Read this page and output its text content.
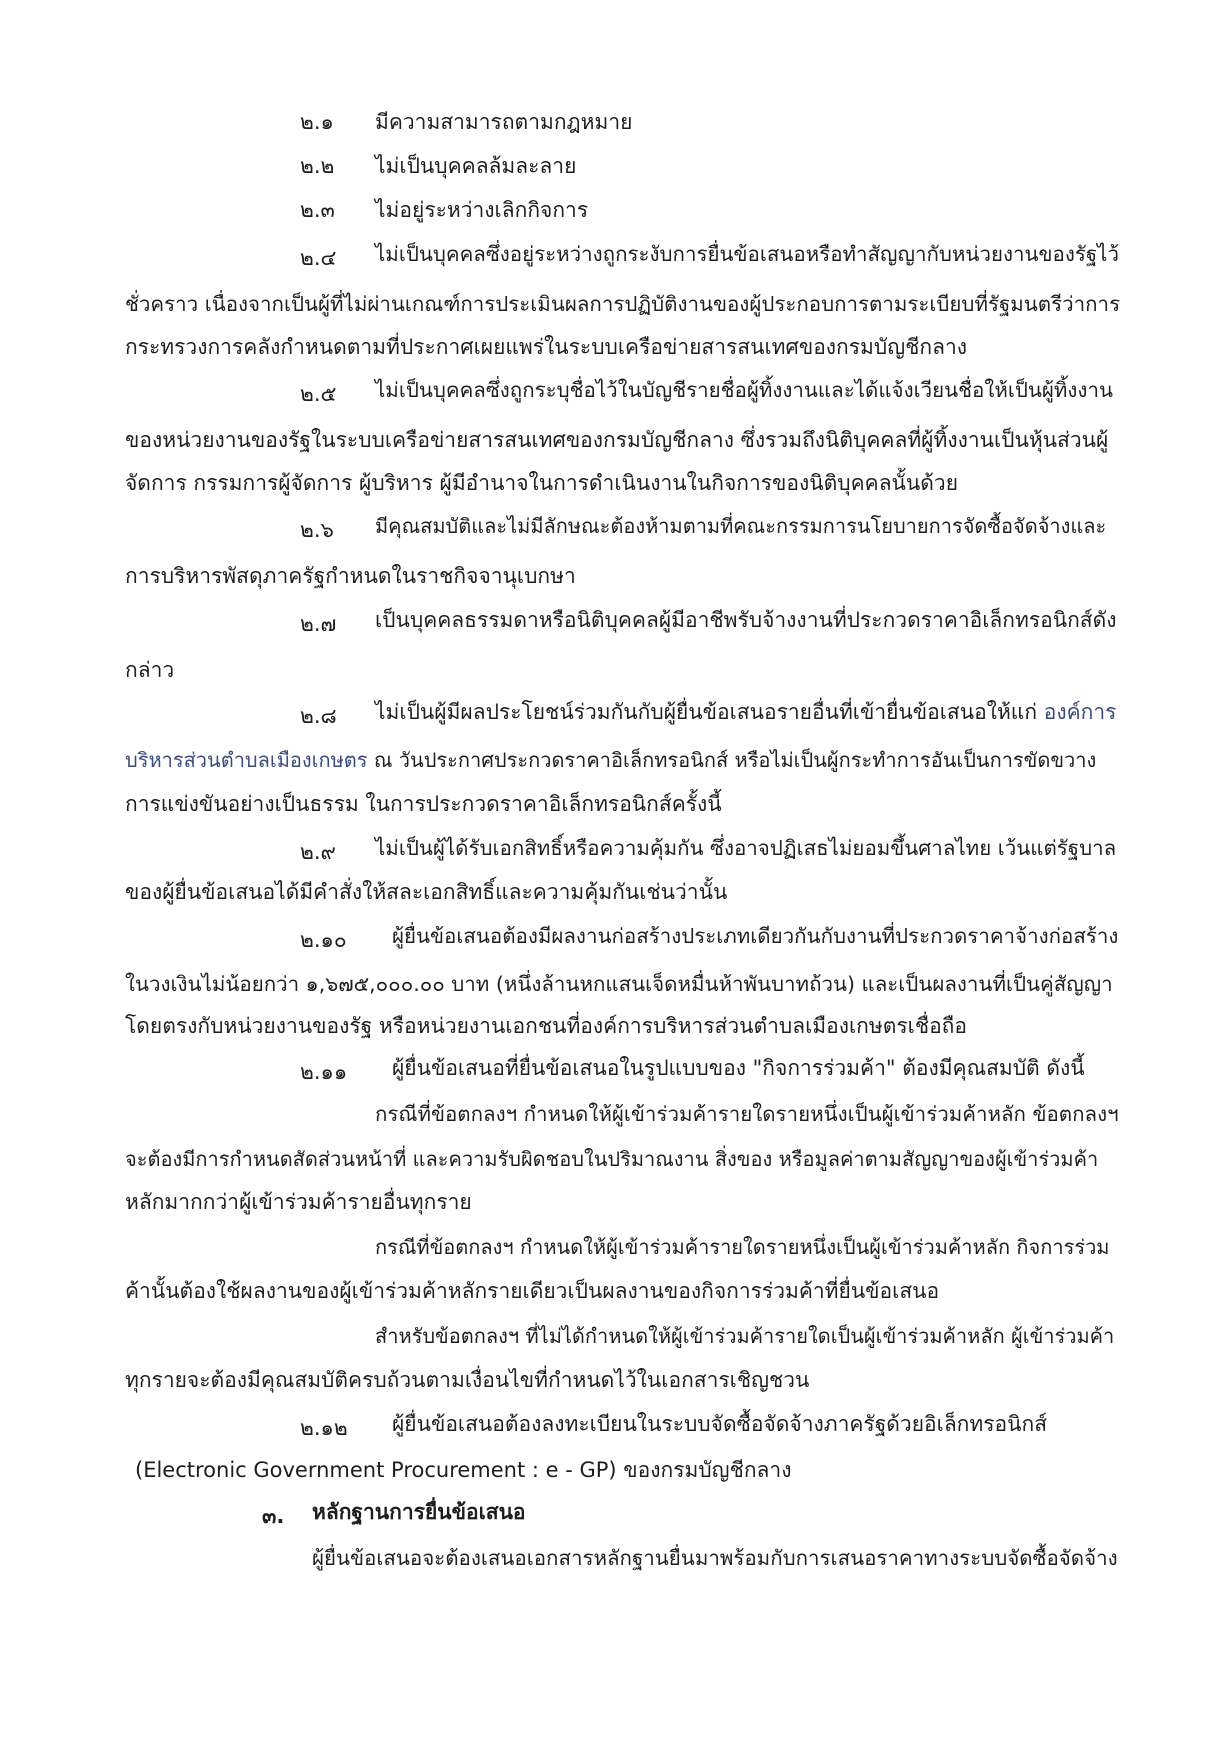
๒.๑ มีความสามารถตามกฎหมาย
๒.๒ ไม่เป็นบุคคลล้มละลาย
๒.๓ ไม่อยู่ระหว่างเลิกกิจการ
๒.๔ ไม่เป็นบุคคลซึ่งอยู่ระหว่างถูกระงับการยื่นข้อเสนอหรือทำสัญญากับหน่วยงานของรัฐไว้
ชั่วคราว เนื่องจากเป็นผู้ที่ไม่ผ่านเกณฑ์การประเมินผลการปฏิบัติงานของผู้ประกอบการตามระเบียบที่รัฐมนตรีว่าการ
กระทรวงการคลังกำหนดตามที่ประกาศเผยแพร่ในระบบเครือข่ายสารสนเทศของกรมบัญชีกลาง
๒.๕ ไม่เป็นบุคคลซึ่งถูกระบุชื่อไว้ในบัญชีรายชื่อผู้ทิ้งงานและได้แจ้งเวียนชื่อให้เป็นผู้ทิ้งงาน
ของหน่วยงานของรัฐในระบบเครือข่ายสารสนเทศของกรมบัญชีกลาง ซึ่งรวมถึงนิติบุคคลที่ผู้ทิ้งงานเป็นหุ้นส่วนผู้
จัดการ กรรมการผู้จัดการ ผู้บริหาร ผู้มีอำนาจในการดำเนินงานในกิจการของนิติบุคคลนั้นด้วย
๒.๖ มีคุณสมบัติและไม่มีลักษณะต้องห้ามตามที่คณะกรรมการนโยบายการจัดซื้อจัดจ้างและ
การบริหารพัสดุภาครัฐกำหนดในราชกิจจานุเบกษา
๒.๗ เป็นบุคคลธรรมดาหรือนิติบุคคลผู้มีอาชีพรับจ้างงานที่ประกวดราคาอิเล็กทรอนิกส์ดัง
กล่าว
๒.๘ ไม่เป็นผู้มีผลประโยชน์ร่วมกันกับผู้ยื่นข้อเสนอรายอื่นที่เข้ายื่นข้อเสนอให้แก่ องค์การ
บริหารส่วนตำบลเมืองเกษตร ณ วันประกาศประกวดราคาอิเล็กทรอนิกส์ หรือไม่เป็นผู้กระทำการอันเป็นการขัดขวาง
การแข่งขันอย่างเป็นธรรม ในการประกวดราคาอิเล็กทรอนิกส์ครั้งนี้
๒.๙ ไม่เป็นผู้ได้รับเอกสิทธิ์หรือความคุ้มกัน ซึ่งอาจปฏิเสธไม่ยอมขึ้นศาลไทย เว้นแต่รัฐบาล
ของผู้ยื่นข้อเสนอได้มีคำสั่งให้สละเอกสิทธิ์และความคุ้มกันเช่นว่านั้น
๒.๑๐ ผู้ยื่นข้อเสนอต้องมีผลงานก่อสร้างประเภทเดียวกันกับงานที่ประกวดราคาจ้างก่อสร้าง
ในวงเงินไม่น้อยกว่า ๑,๖๗๕,๐๐๐.๐๐ บาท (หนึ่งล้านหกแสนเจ็ดหมื่นห้าพันบาทถ้วน) และเป็นผลงานที่เป็นคู่สัญญา
โดยตรงกับหน่วยงานของรัฐ หรือหน่วยงานเอกชนที่องค์การบริหารส่วนตำบลเมืองเกษตรเชื่อถือ
๒.๑๑ ผู้ยื่นข้อเสนอที่ยื่นข้อเสนอในรูปแบบของ "กิจการร่วมค้า" ต้องมีคุณสมบัติ ดังนี้
กรณีที่ข้อตกลงฯ กำหนดให้ผู้เข้าร่วมค้ารายใดรายหนึ่งเป็นผู้เข้าร่วมค้าหลัก ข้อตกลงฯ
จะต้องมีการกำหนดสัดส่วนหน้าที่ และความรับผิดชอบในปริมาณงาน สิ่งของ หรือมูลค่าตามสัญญาของผู้เข้าร่วมค้า
หลักมากกว่าผู้เข้าร่วมค้ารายอื่นทุกราย
กรณีที่ข้อตกลงฯ กำหนดให้ผู้เข้าร่วมค้ารายใดรายหนึ่งเป็นผู้เข้าร่วมค้าหลัก กิจการร่วม
ค้านั้นต้องใช้ผลงานของผู้เข้าร่วมค้าหลักรายเดียวเป็นผลงานของกิจการร่วมค้าที่ยื่นข้อเสนอ
สำหรับข้อตกลงฯ ที่ไม่ได้กำหนดให้ผู้เข้าร่วมค้ารายใดเป็นผู้เข้าร่วมค้าหลัก ผู้เข้าร่วมค้า
ทุกรายจะต้องมีคุณสมบัติครบถ้วนตามเงื่อนไขที่กำหนดไว้ในเอกสารเชิญชวน
๒.๑๒ ผู้ยื่นข้อเสนอต้องลงทะเบียนในระบบจัดซื้อจัดจ้างภาครัฐด้วยอิเล็กทรอนิกส์
(Electronic Government Procurement : e - GP) ของกรมบัญชีกลาง
๓. หลักฐานการยื่นข้อเสนอ
ผู้ยื่นข้อเสนอจะต้องเสนอเอกสารหลักฐานยื่นมาพร้อมกับการเสนอราคาทางระบบจัดซื้อจัดจ้าง
